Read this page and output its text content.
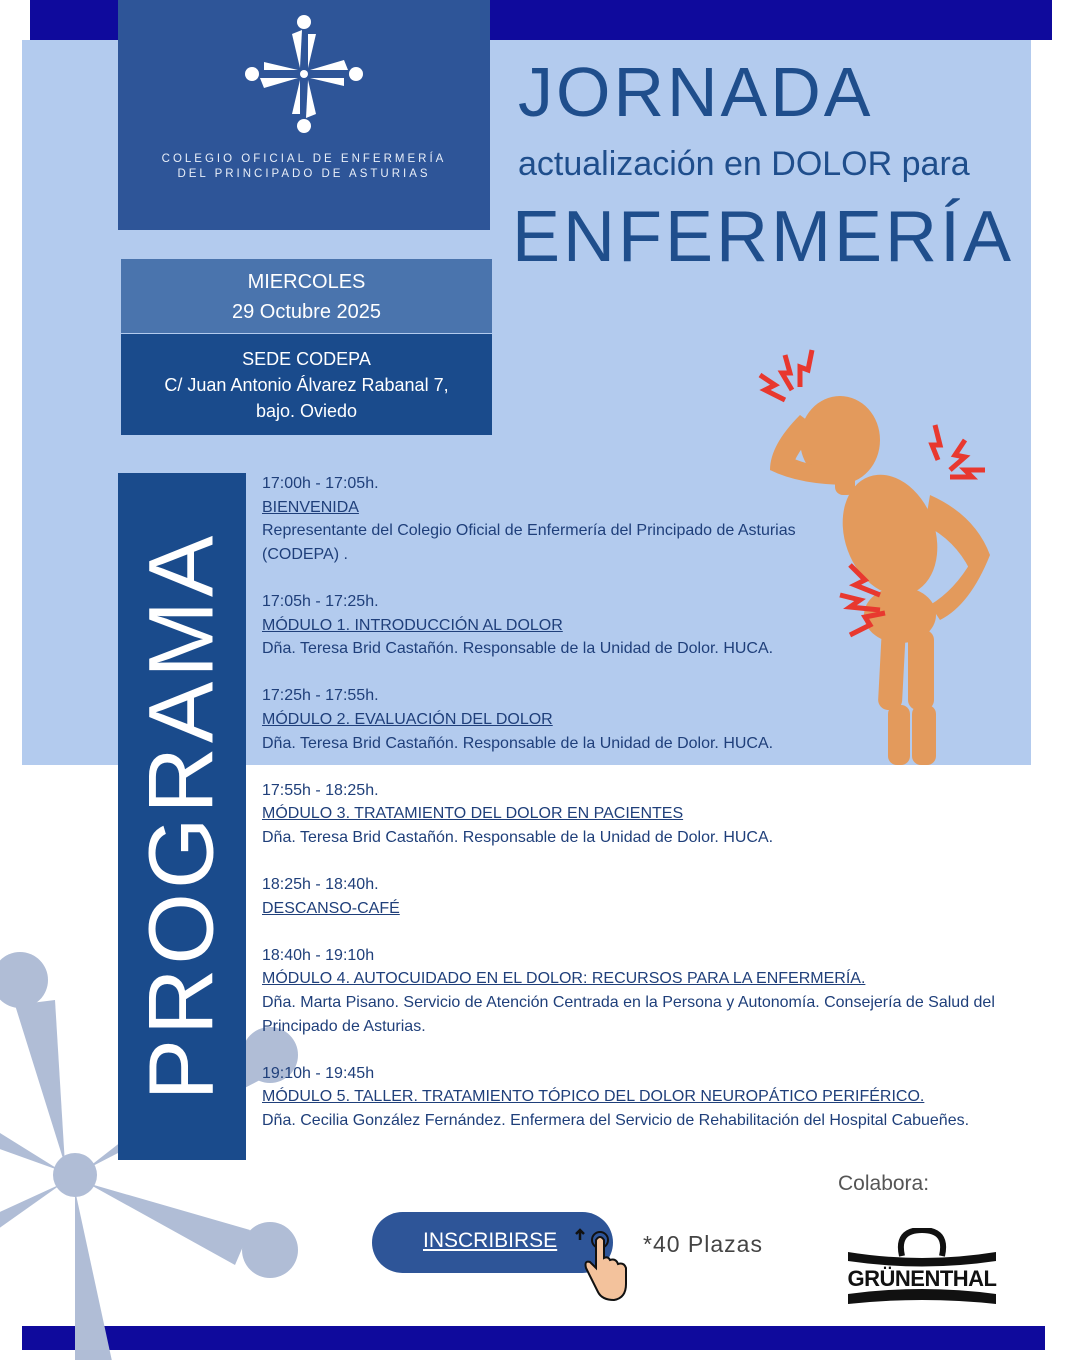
COLEGIO OFICIAL DE ENFERMERÍA
DEL PRINCIPADO DE ASTURIAS
JORNADA
actualización en DOLOR para
ENFERMERÍA
MIERCOLES
29 Octubre 2025
SEDE CODEPA
C/ Juan Antonio Álvarez Rabanal 7,
bajo. Oviedo
PROGRAMA
17:00h - 17:05h.
BIENVENIDA
Representante del Colegio Oficial de Enfermería del Principado de Asturias (CODEPA) .
17:05h - 17:25h.
MÓDULO 1. INTRODUCCIÓN AL DOLOR
Dña. Teresa Brid Castañón. Responsable de la Unidad de Dolor. HUCA.
17:25h - 17:55h.
MÓDULO 2. EVALUACIÓN DEL DOLOR
Dña. Teresa Brid Castañón. Responsable de la Unidad de Dolor. HUCA.
17:55h - 18:25h.
MÓDULO 3. TRATAMIENTO DEL DOLOR EN PACIENTES
Dña. Teresa Brid Castañón. Responsable de la Unidad de Dolor. HUCA.
18:25h - 18:40h.
DESCANSO-CAFÉ
18:40h - 19:10h
MÓDULO 4. AUTOCUIDADO EN EL DOLOR: RECURSOS PARA LA ENFERMERÍA.
Dña. Marta Pisano. Servicio de Atención Centrada en la Persona y Autonomía. Consejería de Salud del Principado de Asturias.
19:10h - 19:45h
MÓDULO 5. TALLER. TRATAMIENTO TÓPICO DEL DOLOR NEUROPÁTICO PERIFÉRICO.
Dña. Cecilia González Fernández. Enfermera del Servicio de Rehabilitación del Hospital Cabueñes.
Colabora:
INSCRIBIRSE	*40 Plazas
GRÜNENTHAL
